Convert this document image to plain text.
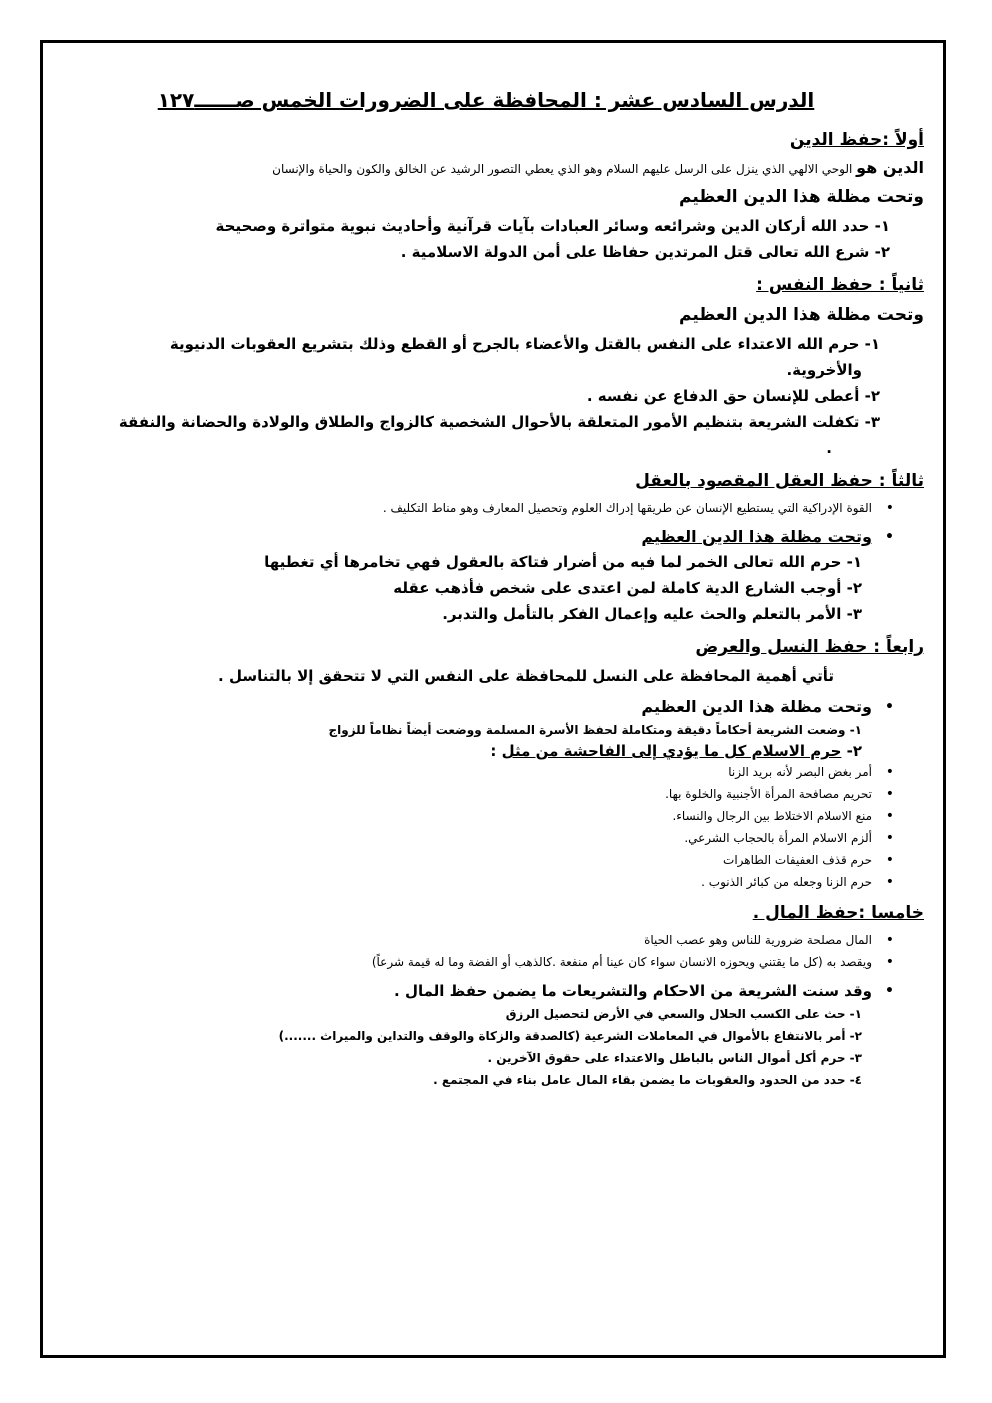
الدرس السادس عشر : المحافظة على الضرورات الخمس صــــــ١٢٧
أولاً :حفظ الدين
الدين هو الوحي الالهي الذي ينزل على الرسل عليهم السلام وهو الذي يعطي التصور الرشيد عن الخالق والكون والحياة والإنسان
وتحت مظلة هذا الدين العظيم
١- حدد الله أركان الدين وشرائعه وسائر العبادات بآيات قرآنية وأحاديث نبوية متواترة وصحيحة
٢- شرع الله تعالى قتل المرتدين حفاظا على أمن الدولة الاسلامية .
ثانياً : حفظ النفس :
وتحت مظلة هذا الدين العظيم
١- حرم الله الاعتداء على النفس بالقتل والأعضاء بالجرح أو القطع وذلك بتشريع العقوبات الدنيوية
والأخروية.
٢- أعطى للإنسان حق الدفاع عن نفسه .
٣- تكفلت الشريعة بتنظيم الأمور المتعلقة بالأحوال الشخصية كالزواج والطلاق والولادة والحضانة والنفقة
.
ثالثاً : حفظ العقل المقصود بالعقل
• القوة الإدراكية التي يستطيع الإنسان عن طريقها إدراك العلوم وتحصيل المعارف وهو مناط التكليف .
• وتحت مظلة هذا الدين العظيم
١- حرم الله تعالى الخمر لما فيه من أضرار فتاكة بالعقول فهي تخامرها أي تغطيها
٢- أوجب الشارع الدية كاملة لمن اعتدى على شخص فأذهب عقله
٣- الأمر بالتعلم والحث عليه وإعمال الفكر بالتأمل والتدبر.
رابعاً : حفظ النسل والعرض
تأتي أهمية المحافظة على النسل للمحافظة على النفس التي لا تتحقق إلا بالتناسل .
• وتحت مظلة هذا الدين العظيم
١- وضعت الشريعة أحكاماً دقيقة ومتكاملة لحفظ الأسرة المسلمة ووضعت أيضاً نظاماً للزواج
٢- حرم الاسلام كل ما يؤدي إلى الفاحشة من مثل :
• أمر بغض البصر لأنه بريد الزنا
• تحريم مصافحة المرأة الأجنبية والخلوة بها.
• منع الاسلام الاختلاط بين الرجال والنساء.
• ألزم الاسلام المرأة بالحجاب الشرعي.
• حرم قذف العفيفات الطاهرات
• حرم الزنا وجعله من كبائر الذنوب .
خامسا :حفظ المال .
• المال مصلحة ضرورية للناس وهو عصب الحياة
• ويقصد به (كل ما يقتني ويحوزه الانسان سواء كان عينا أم منفعة .كالذهب أو الفضة وما له قيمة شرعاً)
• وقد سنت الشريعة من الاحكام والتشريعات ما يضمن حفظ المال .
١- حث على الكسب الحلال والسعي في الأرض لتحصيل الرزق
٢- أمر بالانتفاع بالأموال في المعاملات الشرعية (كالصدقة والزكاة والوقف والتداين والميراث .......)
٣- حرم أكل أموال الناس بالباطل والاعتداء على حقوق الآخرين .
٤- حدد من الحدود والعقوبات ما يضمن بقاء المال عامل بناء في المجتمع .
